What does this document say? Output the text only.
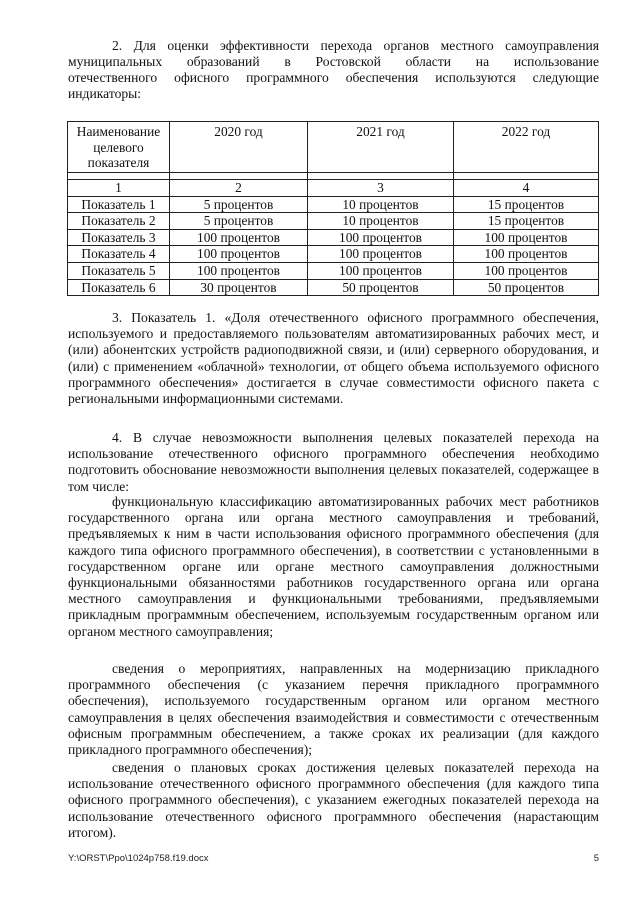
2. Для оценки эффективности перехода органов местного самоуправления
муниципальных образований в Ростовской области на использование
отечественного офисного программного обеспечения используются следующие
индикаторы:
Наименование целевого показателя	2020 год	2021 год	2022 год

1	2	3	4
Показатель 1	5 процентов	10 процентов	15 процентов
Показатель 2	5 процентов	10 процентов	15 процентов
Показатель 3	100 процентов	100 процентов	100 процентов
Показатель 4	100 процентов	100 процентов	100 процентов
Показатель 5	100 процентов	100 процентов	100 процентов
Показатель 6	30 процентов	50 процентов	50 процентов

3. Показатель 1. «Доля отечественного офисного программного обеспечения, используемого и предоставляемого пользователям автоматизированных рабочих мест, и (или) абонентских устройств радиоподвижной связи, и (или) серверного оборудования, и (или) с применением «облачной» технологии, от общего объема используемого офисного программного обеспечения» достигается в случае совместимости офисного пакета с региональными информационными системами.

4. В случае невозможности выполнения целевых показателей перехода на использование отечественного офисного программного обеспечения необходимо подготовить обоснование невозможности выполнения целевых показателей, содержащее в том числе:

функциональную классификацию автоматизированных рабочих мест работников государственного органа или органа местного самоуправления и требований, предъявляемых к ним в части использования офисного программного обеспечения (для каждого типа офисного программного обеспечения), в соответствии с установленными в государственном органе или органе местного самоуправления должностными функциональными обязанностями работников государственного органа или органа местного самоуправления и функциональными требованиями, предъявляемыми прикладным программным обеспечением, используемым государственным органом или органом местного самоуправления;

сведения о мероприятиях, направленных на модернизацию прикладного программного обеспечения (с указанием перечня прикладного программного обеспечения), используемого государственным органом или органом местного самоуправления в целях обеспечения взаимодействия и совместимости с отечественным офисным программным обеспечением, а также сроках их реализации (для каждого прикладного программного обеспечения);

сведения о плановых сроках достижения целевых показателей перехода на использование отечественного офисного программного обеспечения (для каждого типа офисного программного обеспечения), с указанием ежегодных показателей перехода на использование отечественного офисного программного обеспечения (нарастающим итогом).

Y:\ORST\Ppo\1024p758.f19.docx	5
